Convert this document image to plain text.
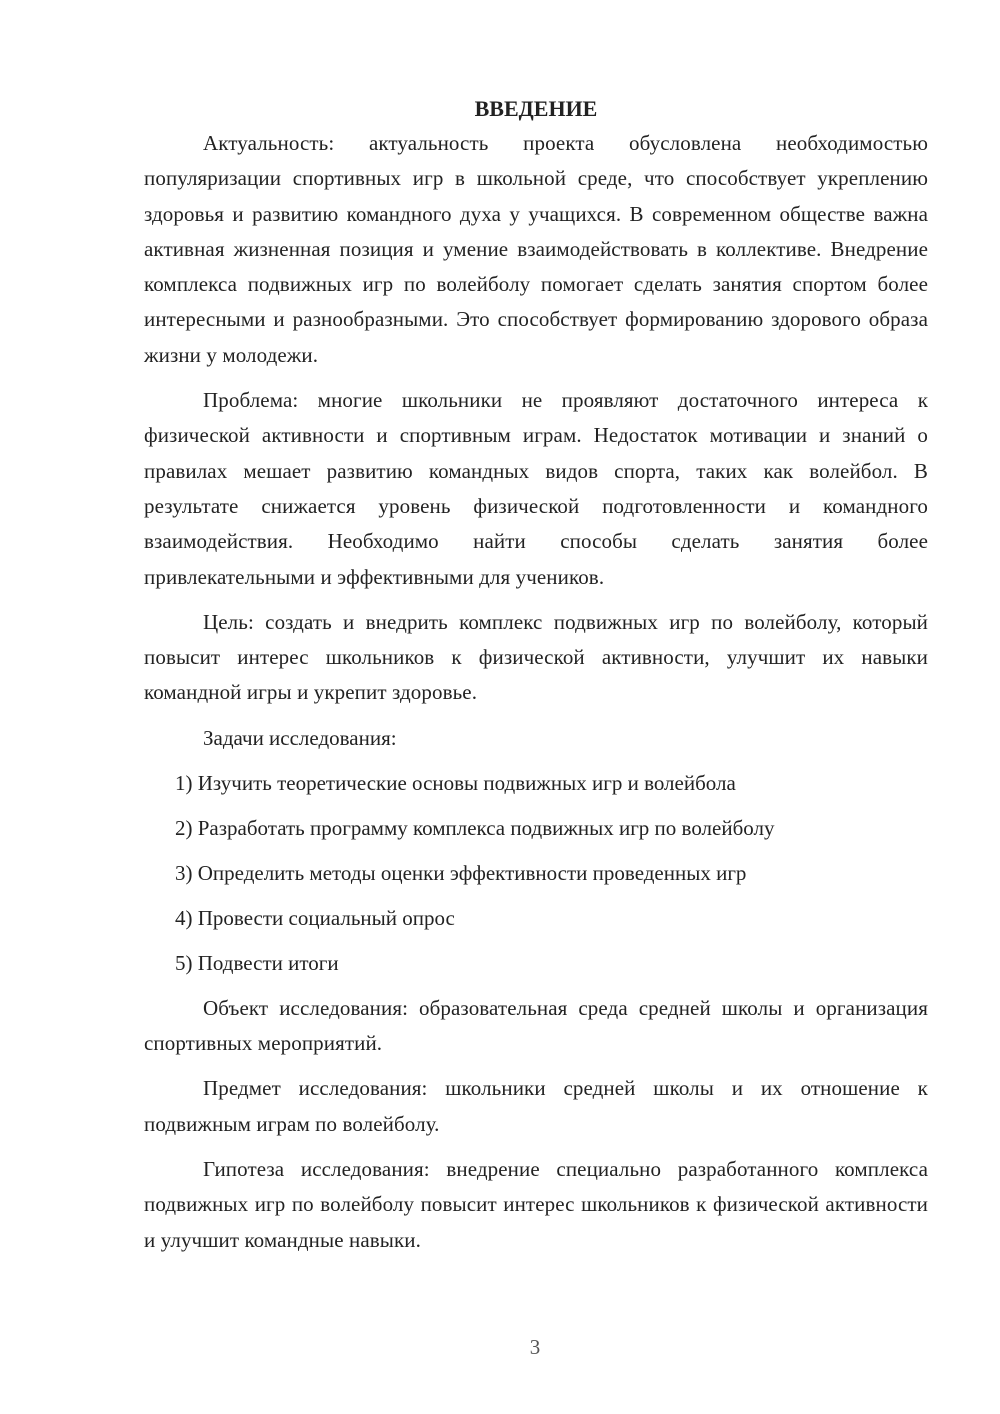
ВВЕДЕНИЕ

Актуальность: актуальность проекта обусловлена необходимостью популяризации спортивных игр в школьной среде, что способствует укреплению здоровья и развитию командного духа у учащихся. В современном обществе важна активная жизненная позиция и умение взаимодействовать в коллективе. Внедрение комплекса подвижных игр по волейболу помогает сделать занятия спортом более интересными и разнообразными. Это способствует формированию здорового образа жизни у молодежи.

Проблема: многие школьники не проявляют достаточного интереса к физической активности и спортивным играм. Недостаток мотивации и знаний о правилах мешает развитию командных видов спорта, таких как волейбол. В результате снижается уровень физической подготовленности и командного взаимодействия. Необходимо найти способы сделать занятия более привлекательными и эффективными для учеников.

Цель: создать и внедрить комплекс подвижных игр по волейболу, который повысит интерес школьников к физической активности, улучшит их навыки командной игры и укрепит здоровье.

Задачи исследования:

1) Изучить теоретические основы подвижных игр и волейбола
2) Разработать программу комплекса подвижных игр по волейболу
3) Определить методы оценки эффективности проведенных игр
4) Провести социальный опрос
5) Подвести итоги

Объект исследования: образовательная среда средней школы и организация спортивных мероприятий.

Предмет исследования: школьники средней школы и их отношение к подвижным играм по волейболу.

Гипотеза исследования: внедрение специально разработанного комплекса подвижных игр по волейболу повысит интерес школьников к физической активности и улучшит командные навыки.

3
